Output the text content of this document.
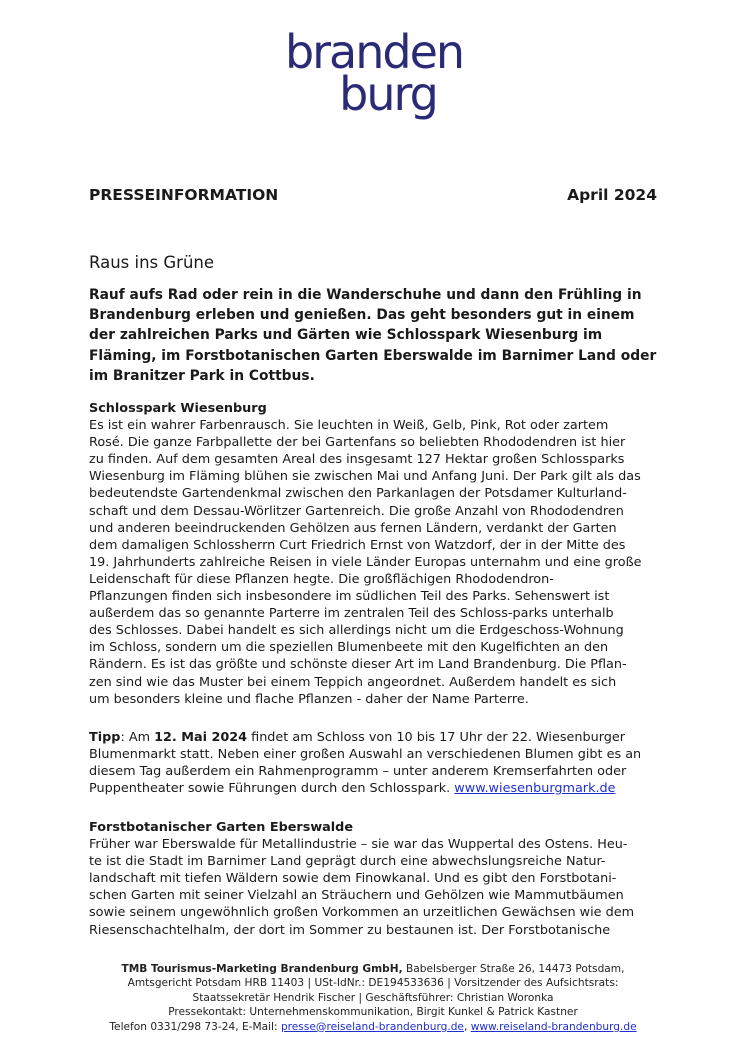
branden
burg
PRESSEINFORMATION	April 2024
Raus ins Grüne
Rauf aufs Rad oder rein in die Wanderschuhe und dann den Frühling in Brandenburg erleben und genießen. Das geht besonders gut in einem der zahlreichen Parks und Gärten wie Schlosspark Wiesenburg im Fläming, im Forstbotanischen Garten Eberswalde im Barnimer Land oder im Branitzer Park in Cottbus.
Schlosspark Wiesenburg
Es ist ein wahrer Farbenrausch. Sie leuchten in Weiß, Gelb, Pink, Rot oder zartem
Rosé. Die ganze Farbpallette der bei Gartenfans so beliebten Rhododendren ist hier
zu finden. Auf dem gesamten Areal des insgesamt 127 Hektar großen Schlossparks
Wiesenburg im Fläming blühen sie zwischen Mai und Anfang Juni. Der Park gilt als das
bedeutendste Gartendenkmal zwischen den Parkanlagen der Potsdamer Kulturland-
schaft und dem Dessau-Wörlitzer Gartenreich. Die große Anzahl von Rhododendren
und anderen beeindruckenden Gehölzen aus fernen Ländern, verdankt der Garten
dem damaligen Schlossherrn Curt Friedrich Ernst von Watzdorf, der in der Mitte des
19. Jahrhunderts zahlreiche Reisen in viele Länder Europas unternahm und eine große
Leidenschaft für diese Pflanzen hegte. Die großflächigen Rhododendron-
Pflanzungen finden sich insbesondere im südlichen Teil des Parks. Sehenswert ist
außerdem das so genannte Parterre im zentralen Teil des Schloss-parks unterhalb
des Schlosses. Dabei handelt es sich allerdings nicht um die Erdgeschoss-Wohnung
im Schloss, sondern um die speziellen Blumenbeete mit den Kugelfichten an den
Rändern. Es ist das größte und schönste dieser Art im Land Brandenburg. Die Pflan-
zen sind wie das Muster bei einem Teppich angeordnet. Außerdem handelt es sich
um besonders kleine und flache Pflanzen - daher der Name Parterre.
Tipp: Am 12. Mai 2024 findet am Schloss von 10 bis 17 Uhr der 22. Wiesenburger
Blumenmarkt statt. Neben einer großen Auswahl an verschiedenen Blumen gibt es an
diesem Tag außerdem ein Rahmenprogramm – unter anderem Kremserfahrten oder
Puppentheater sowie Führungen durch den Schlosspark. www.wiesenburgmark.de
Forstbotanischer Garten Eberswalde
Früher war Eberswalde für Metallindustrie – sie war das Wuppertal des Ostens. Heu-
te ist die Stadt im Barnimer Land geprägt durch eine abwechslungsreiche Natur-
landschaft mit tiefen Wäldern sowie dem Finowkanal. Und es gibt den Forstbotani-
schen Garten mit seiner Vielzahl an Sträuchern und Gehölzen wie Mammutbäumen
sowie seinem ungewöhnlich großen Vorkommen an urzeitlichen Gewächsen wie dem
Riesenschachtelhalm, der dort im Sommer zu bestaunen ist. Der Forstbotanische
TMB Tourismus-Marketing Brandenburg GmbH, Babelsberger Straße 26, 14473 Potsdam,
Amtsgericht Potsdam HRB 11403 | USt-IdNr.: DE194533636 | Vorsitzender des Aufsichtsrats:
Staatssekretär Hendrik Fischer | Geschäftsführer: Christian Woronka
Pressekontakt: Unternehmenskommunikation, Birgit Kunkel & Patrick Kastner
Telefon 0331/298 73-24, E-Mail: presse@reiseland-brandenburg.de, www.reiseland-brandenburg.de
